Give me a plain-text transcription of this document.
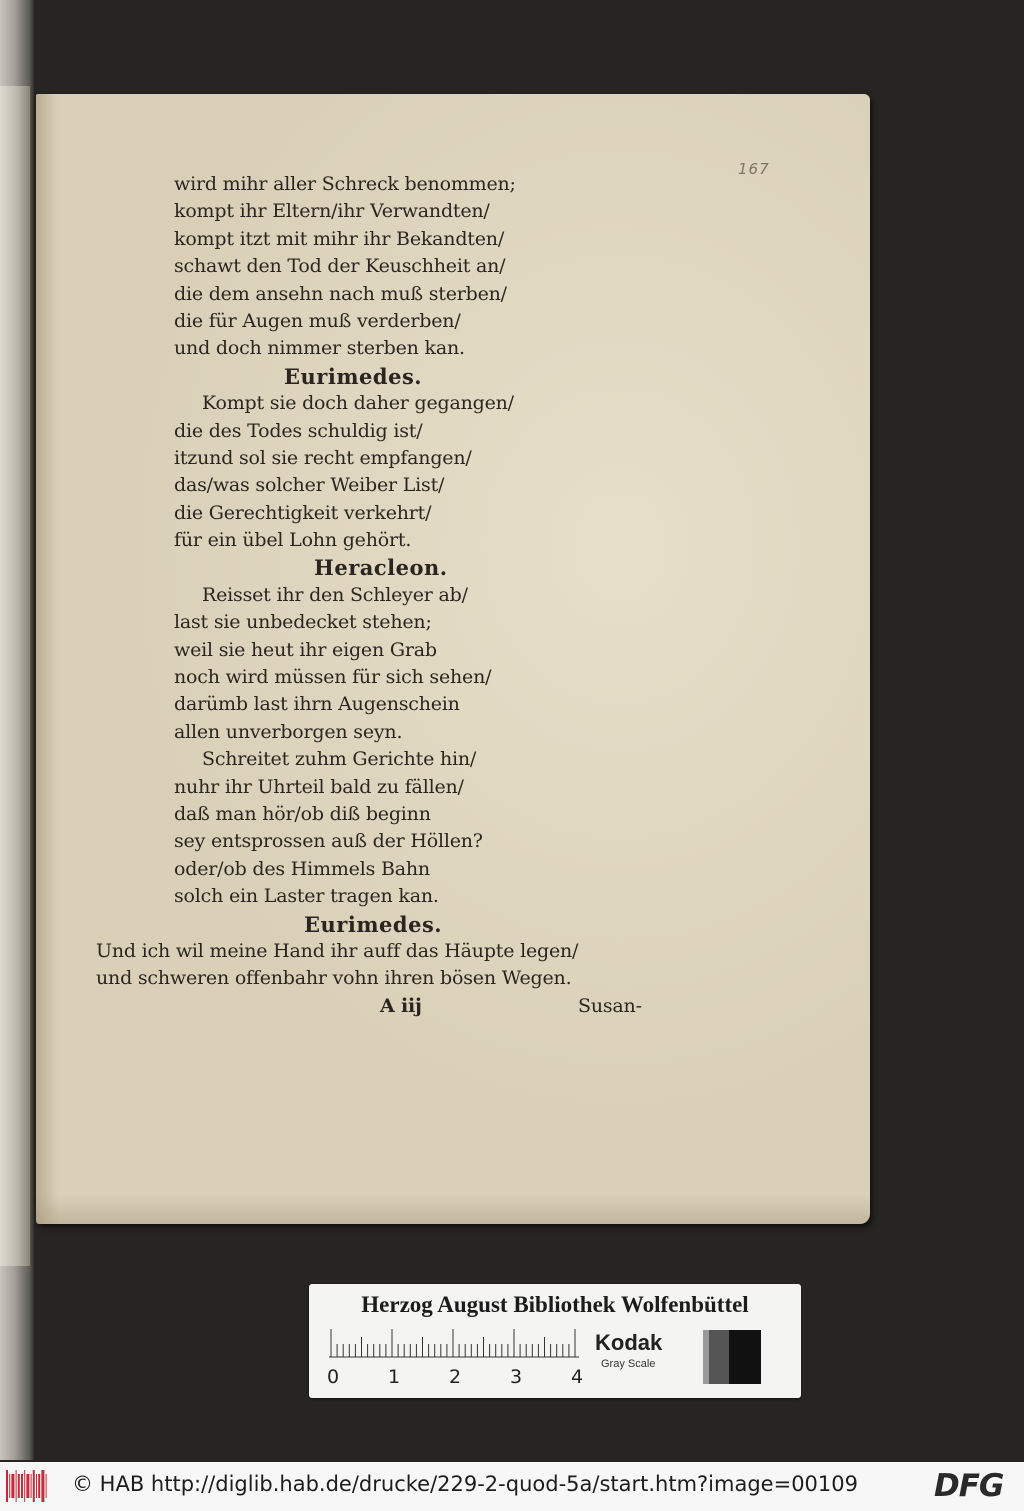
167
wird mihr aller Schreck benommen;
kompt ihr Eltern/ihr Verwandten/
kompt itzt mit mihr ihr Bekandten/
schawt den Tod der Keuschheit an/
die dem ansehn nach muß sterben/
die für Augen muß verderben/
und doch nimmer sterben kan.
Eurimedes.
Kompt sie doch daher gegangen/
die des Todes schuldig ist/
itzund sol sie recht empfangen/
das/was solcher Weiber List/
die Gerechtigkeit verkehrt/
für ein übel Lohn gehört.
Heracleon.
Reisset ihr den Schleyer ab/
last sie unbedecket stehen;
weil sie heut ihr eigen Grab
noch wird müssen für sich sehen/
darümb last ihrn Augenschein
allen unverborgen seyn.
Schreitet zuhm Gerichte hin/
nuhr ihr Uhrteil bald zu fällen/
daß man hör/ob diß beginn
sey entsprossen auß der Höllen?
oder/ob des Himmels Bahn
solch ein Laster tragen kan.
Eurimedes.
Und ich wil meine Hand ihr auff das Häupte legen/
und schweren offenbahr vohn ihren bösen Wegen.
A iij	Susan-
Herzog August Bibliothek Wolfenbüttel
0	1	2	3	4
Kodak
Gray Scale
© HAB http://diglib.hab.de/drucke/229-2-quod-5a/start.htm?image=00109 DFG
